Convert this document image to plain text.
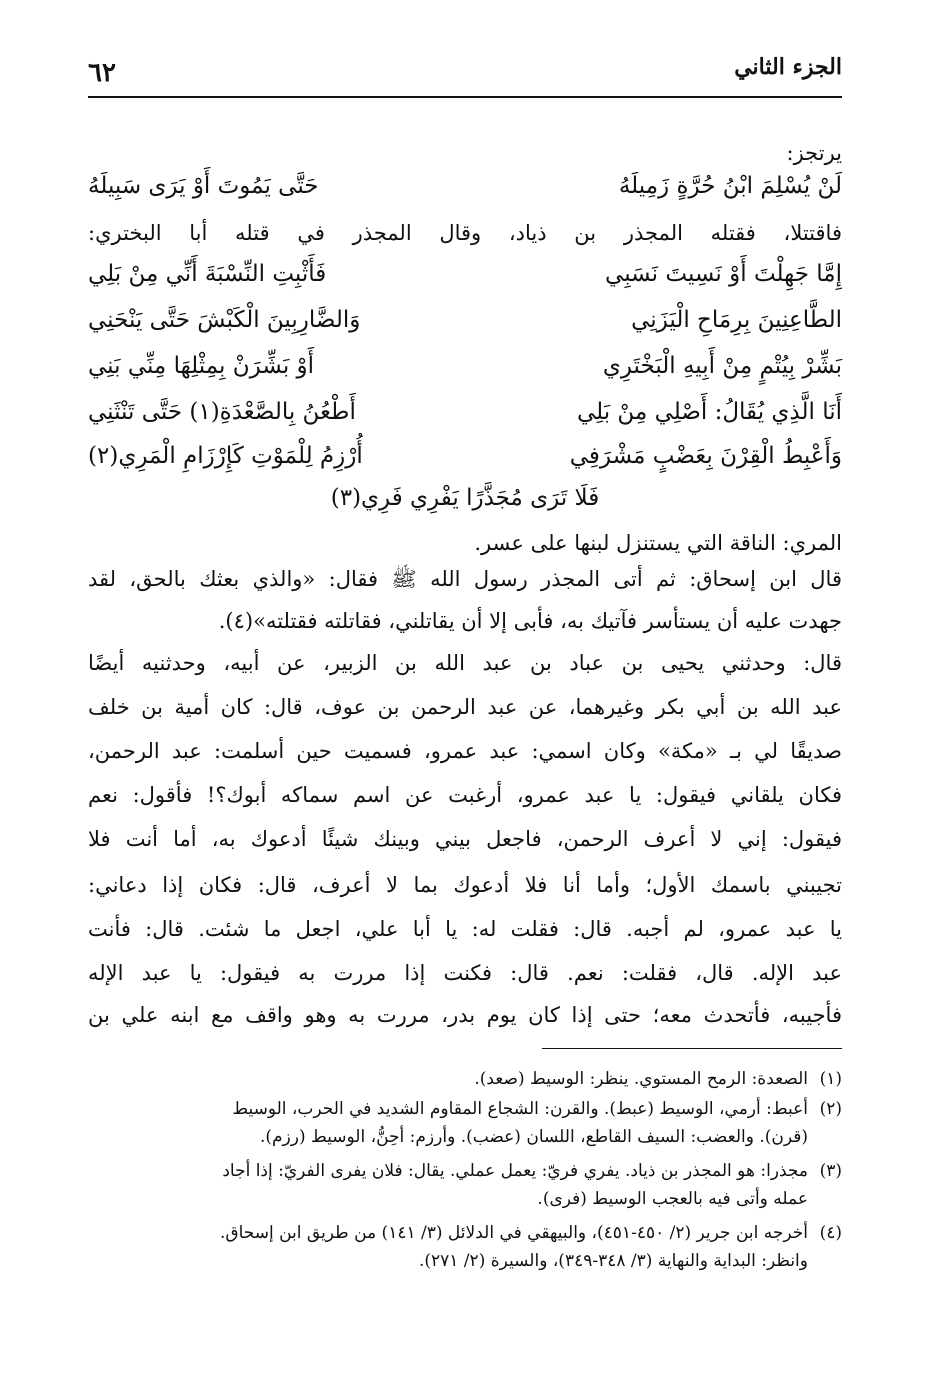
الجزء الثاني
٦٢
يرتجز:
لَنْ يُسْلِمَ ابْنُ حُرَّةٍ زَمِيلَهُ
حَتَّى يَمُوتَ أَوْ يَرَى سَبِيلَهُ
فاقتتلا، فقتله المجذر بن ذياد، وقال المجذر في قتله أبا البختري:
إِمَّا جَهِلْتَ أَوْ نَسِيتَ نَسَبِي
فَأَثْبِتِ النِّسْبَةَ أَنِّي مِنْ بَلِي
الطَّاعِنِينَ بِرِمَاحِ الْيَزَنِي
وَالضَّارِبِينَ الْكَبْشَ حَتَّى يَنْحَنِي
بَشِّرْ بِيُتْمٍ مِنْ أَبِيهِ الْبَخْتَرِي
أَوْ بَشِّرَنْ بِمِثْلِهَا مِنِّي بَنِي
أَنَا الَّذِي يُقَالُ: أَصْلِي مِنْ بَلِي
أَطْعُنُ بِالصَّعْدَةِ(١) حَتَّى تَنْثَنِي
وَأَعْبِطُ الْقِرْنَ بِعَضْبٍ مَشْرَفِي
أُرْزِمُ لِلْمَوْتِ كَإِرْزَامِ الْمَرِي(٢)
فَلَا تَرَى مُجَذَّرًا يَفْرِي فَرِي(٣)
المري: الناقة التي يستنزل لبنها على عسر.
قال ابن إسحاق: ثم أتى المجذر رسول الله ﷺ فقال: «والذي بعثك بالحق، لقد
جهدت عليه أن يستأسر فآتيك به، فأبى إلا أن يقاتلني، فقاتلته فقتلته»(٤).
قال: وحدثني يحيى بن عباد بن عبد الله بن الزبير، عن أبيه، وحدثنيه أيضًا
عبد الله بن أبي بكر وغيرهما، عن عبد الرحمن بن عوف، قال: كان أمية بن خلف
صديقًا لي بـ «مكة» وكان اسمي: عبد عمرو، فسميت حين أسلمت: عبد الرحمن،
فكان يلقاني فيقول: يا عبد عمرو، أرغبت عن اسم سماكه أبوك؟! فأقول: نعم
فيقول: إني لا أعرف الرحمن، فاجعل بيني وبينك شيئًا أدعوك به، أما أنت فلا
تجيبني باسمك الأول؛ وأما أنا فلا أدعوك بما لا أعرف، قال: فكان إذا دعاني:
يا عبد عمرو، لم أجبه. قال: فقلت له: يا أبا علي، اجعل ما شئت. قال: فأنت
عبد الإله. قال، فقلت: نعم. قال: فكنت إذا مررت به فيقول: يا عبد الإله
فأجيبه، فأتحدث معه؛ حتى إذا كان يوم بدر، مررت به وهو واقف مع ابنه علي بن
(١)الصعدة: الرمح المستوي. ينظر: الوسيط (صعد).
(٢)أعبط: أرمي، الوسيط (عبط). والقرن: الشجاع المقاوم الشديد في الحرب، الوسيط
(قرن). والعضب: السيف القاطع، اللسان (عضب). وأرزم: أحِنُّ، الوسيط (رزم).
(٣)مجذرا: هو المجذر بن ذياد. يفري فريّ: يعمل عملي. يقال: فلان يفرى الفريّ: إذا أجاد
عمله وأتى فيه بالعجب الوسيط (فرى).
(٤)أخرجه ابن جرير (٢/ ٤٥٠-٤٥١)، والبيهقي في الدلائل (٣/ ١٤١) من طريق ابن إسحاق.
وانظر: البداية والنهاية (٣/ ٣٤٨-٣٤٩)، والسيرة (٢/ ٢٧١).
